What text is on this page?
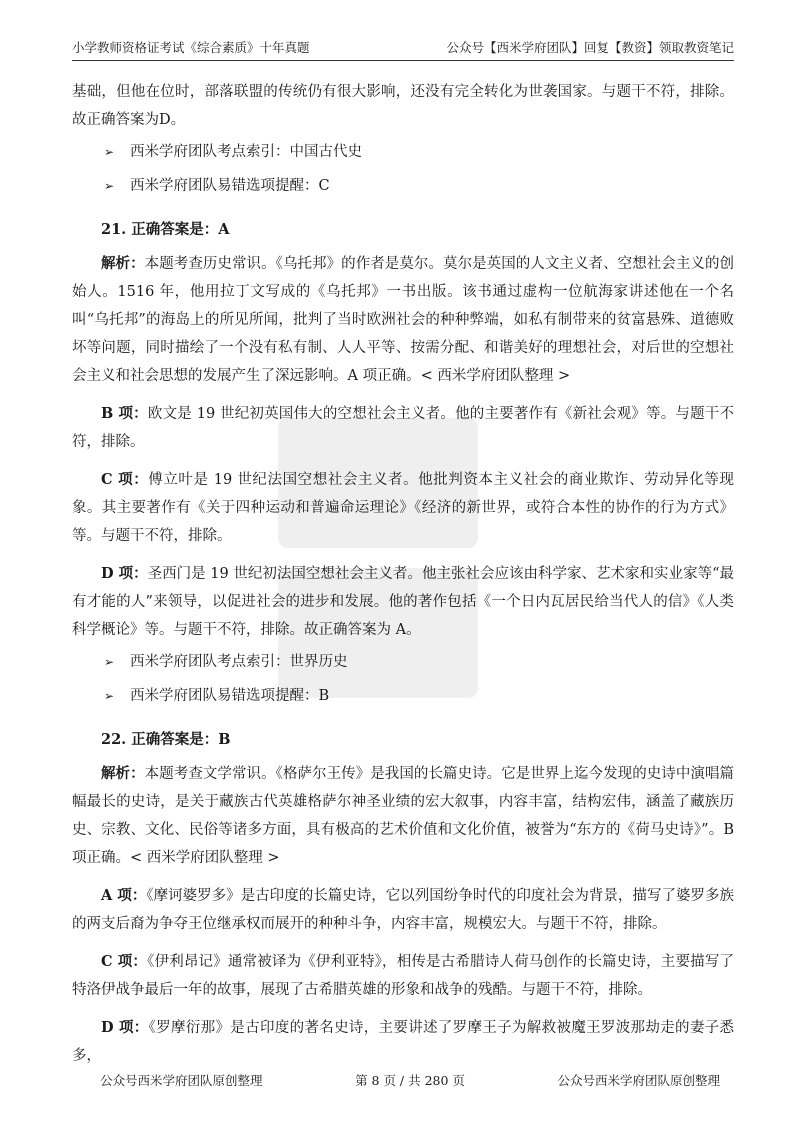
小学教师资格证考试《综合素质》十年真题	公众号【西米学府团队】回复【教资】领取教资笔记

基础，但他在位时，部落联盟的传统仍有很大影响，还没有完全转化为世袭国家。与题干不符，排除。故正确答案为D。

➢	西米学府团队考点索引：中国古代史
➢	西米学府团队易错选项提醒：C

21. 正确答案是：A

解析：本题考查历史常识。《乌托邦》的作者是莫尔。莫尔是英国的人文主义者、空想社会主义的创始人。1516 年，他用拉丁文写成的《乌托邦》一书出版。该书通过虚构一位航海家讲述他在一个名叫“乌托邦”的海岛上的所见所闻，批判了当时欧洲社会的种种弊端，如私有制带来的贫富悬殊、道德败坏等问题，同时描绘了一个没有私有制、人人平等、按需分配、和谐美好的理想社会，对后世的空想社会主义和社会思想的发展产生了深远影响。A 项正确。< 西米学府团队整理 >

B 项：欧文是 19 世纪初英国伟大的空想社会主义者。他的主要著作有《新社会观》等。与题干不符，排除。

C 项：傅立叶是 19 世纪法国空想社会主义者。他批判资本主义社会的商业欺诈、劳动异化等现象。其主要著作有《关于四种运动和普遍命运理论》《经济的新世界，或符合本性的协作的行为方式》等。与题干不符，排除。

D 项：圣西门是 19 世纪初法国空想社会主义者。他主张社会应该由科学家、艺术家和实业家等“最有才能的人”来领导，以促进社会的进步和发展。他的著作包括《一个日内瓦居民给当代人的信》《人类科学概论》等。与题干不符，排除。故正确答案为 A。

➢	西米学府团队考点索引：世界历史
➢	西米学府团队易错选项提醒：B

22. 正确答案是：B

解析：本题考查文学常识。《格萨尔王传》是我国的长篇史诗。它是世界上迄今发现的史诗中演唱篇幅最长的史诗，是关于藏族古代英雄格萨尔神圣业绩的宏大叙事，内容丰富，结构宏伟，涵盖了藏族历史、宗教、文化、民俗等诸多方面，具有极高的艺术价值和文化价值，被誉为“东方的《荷马史诗》”。B 项正确。< 西米学府团队整理 >

A 项：《摩诃婆罗多》是古印度的长篇史诗，它以列国纷争时代的印度社会为背景，描写了婆罗多族的两支后裔为争夺王位继承权而展开的种种斗争，内容丰富，规模宏大。与题干不符，排除。

C 项：《伊利昂记》通常被译为《伊利亚特》，相传是古希腊诗人荷马创作的长篇史诗，主要描写了特洛伊战争最后一年的故事，展现了古希腊英雄的形象和战争的残酷。与题干不符，排除。

D 项：《罗摩衍那》是古印度的著名史诗，主要讲述了罗摩王子为解救被魔王罗波那劫走的妻子悉多，

公众号西米学府团队原创整理	第 8 页 / 共 280 页	公众号西米学府团队原创整理
